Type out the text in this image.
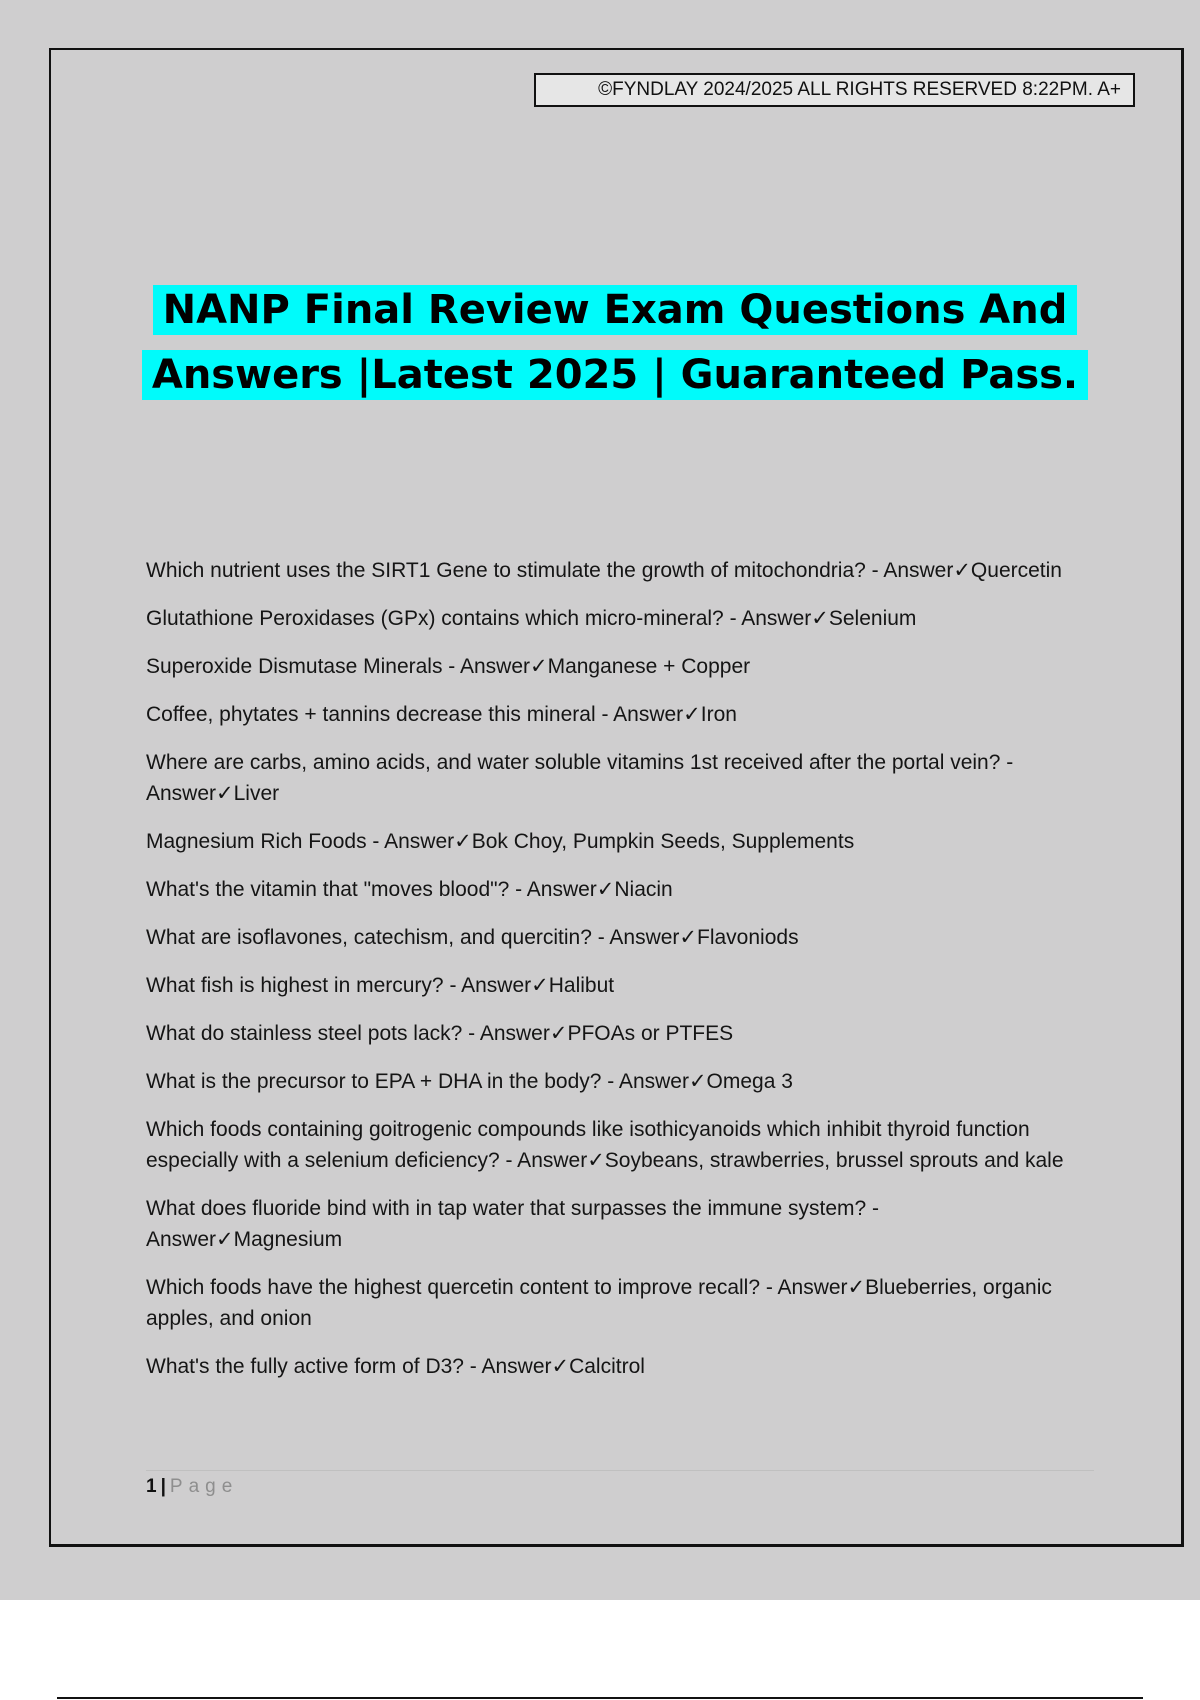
©FYNDLAY 2024/2025 ALL RIGHTS RESERVED 8:22PM. A+
NANP Final Review Exam Questions And
Answers |Latest 2025 | Guaranteed Pass.
Which nutrient uses the SIRT1 Gene to stimulate the growth of mitochondria? - Answer✓Quercetin
Glutathione Peroxidases (GPx) contains which micro-mineral? - Answer✓Selenium
Superoxide Dismutase Minerals - Answer✓Manganese + Copper
Coffee, phytates + tannins decrease this mineral - Answer✓Iron
Where are carbs, amino acids, and water soluble vitamins 1st received after the portal vein? - Answer✓Liver
Magnesium Rich Foods - Answer✓Bok Choy, Pumpkin Seeds, Supplements
What's the vitamin that "moves blood"? - Answer✓Niacin
What are isoflavones, catechism, and quercitin? - Answer✓Flavoniods
What fish is highest in mercury? - Answer✓Halibut
What do stainless steel pots lack? - Answer✓PFOAs or PTFES
What is the precursor to EPA + DHA in the body? - Answer✓Omega 3
Which foods containing goitrogenic compounds like isothicyanoids which inhibit thyroid function especially with a selenium deficiency? - Answer✓Soybeans, strawberries, brussel sprouts and kale
What does fluoride bind with in tap water that surpasses the immune system? - Answer✓Magnesium
Which foods have the highest quercetin content to improve recall? - Answer✓Blueberries, organic apples, and onion
What's the fully active form of D3? - Answer✓Calcitrol
1 | Page
